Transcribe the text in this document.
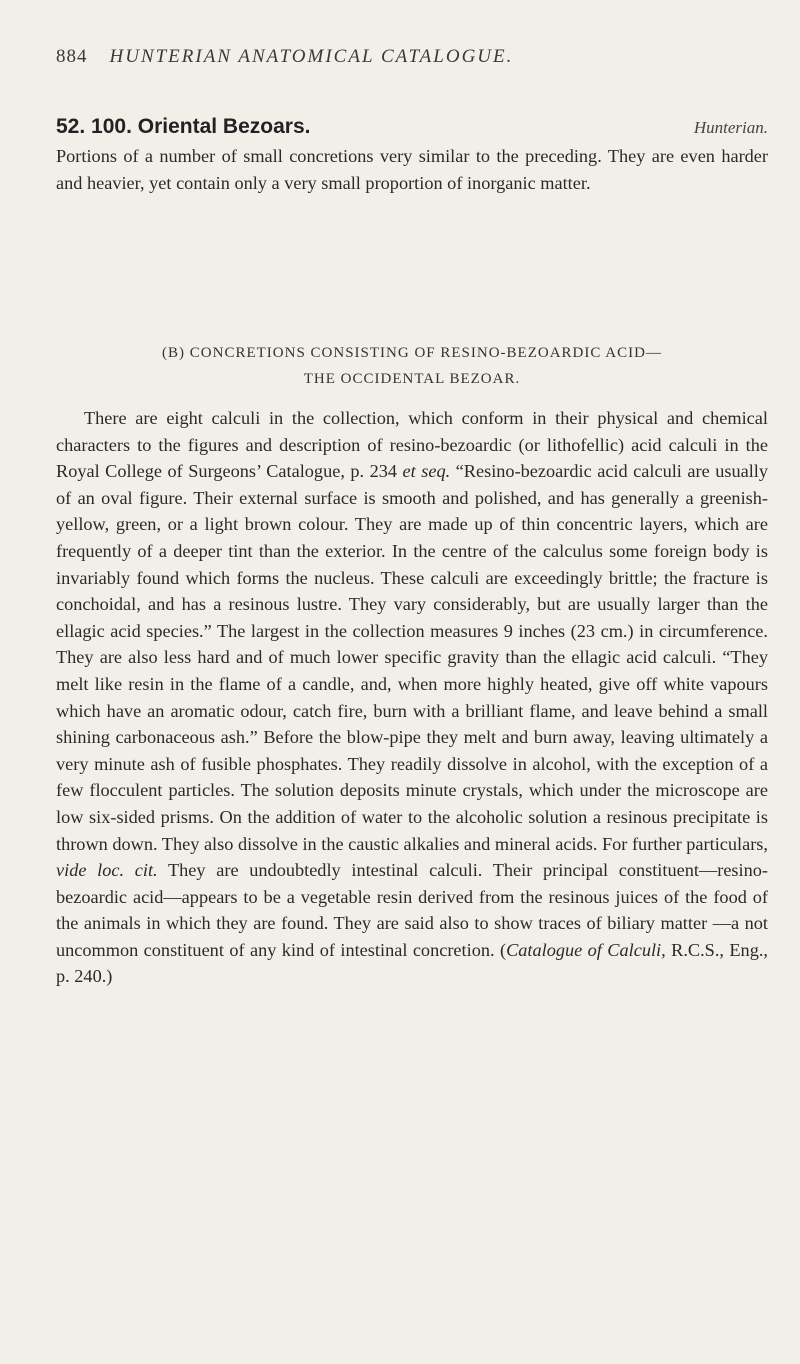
884 HUNTERIAN ANATOMICAL CATALOGUE.
52. 100. Oriental Bezoars.	Hunterian.

Portions of a number of small concretions very similar to the preceding. They are even harder and heavier, yet contain only a very small proportion of inorganic matter.

(B) CONCRETIONS CONSISTING OF RESINO-BEZOARDIC ACID—
THE OCCIDENTAL BEZOAR.

There are eight calculi in the collection, which conform in their physical and chemical characters to the figures and description of resino-bezoardic (or lithofellic) acid calculi in the Royal College of Surgeons’ Catalogue, p. 234 et seq. “Resino-bezoardic acid calculi are usually of an oval figure. Their external surface is smooth and polished, and has generally a greenish-yellow, green, or a light brown colour. They are made up of thin concentric layers, which are frequently of a deeper tint than the exterior. In the centre of the calculus some foreign body is invariably found which forms the nucleus. These calculi are exceedingly brittle; the fracture is conchoidal, and has a resinous lustre. They vary considerably, but are usually larger than the ellagic acid species.” The largest in the collection measures 9 inches (23 cm.) in circumference. They are also less hard and of much lower specific gravity than the ellagic acid calculi. “They melt like resin in the flame of a candle, and, when more highly heated, give off white vapours which have an aromatic odour, catch fire, burn with a brilliant flame, and leave behind a small shining carbonaceous ash.” Before the blow-pipe they melt and burn away, leaving ultimately a very minute ash of fusible phosphates. They readily dissolve in alcohol, with the exception of a few flocculent particles. The solution deposits minute crystals, which under the microscope are low six-sided prisms. On the addition of water to the alcoholic solution a resinous precipitate is thrown down. They also dissolve in the caustic alkalies and mineral acids. For further particulars, vide loc. cit. They are undoubtedly intestinal calculi. Their principal constituent—resino-bezoardic acid—appears to be a vegetable resin derived from the resinous juices of the food of the animals in which they are found. They are said also to show traces of biliary matter —a not uncommon constituent of any kind of intestinal concretion. (Catalogue of Calculi, R.C.S., Eng., p. 240.)
